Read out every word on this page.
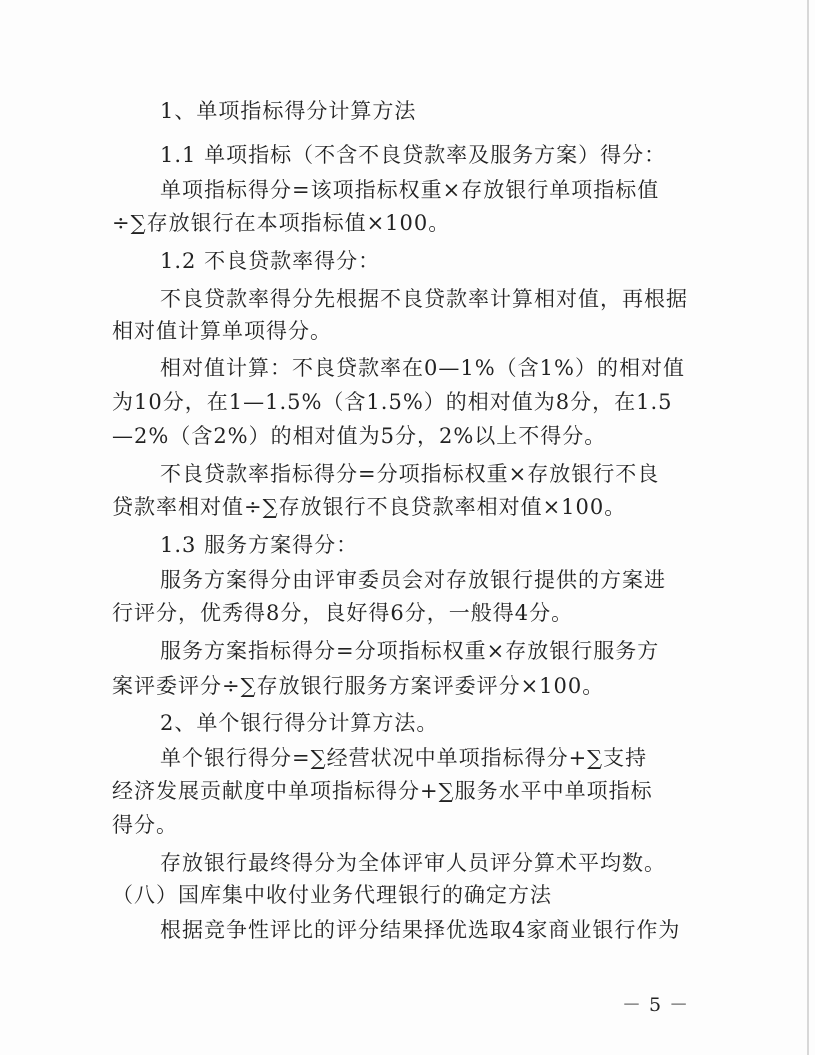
1、单项指标得分计算方法
1.1 单项指标（不含不良贷款率及服务方案）得分：
单项指标得分=该项指标权重×存放银行单项指标值
÷∑存放银行在本项指标值×100。
1.2 不良贷款率得分：
不良贷款率得分先根据不良贷款率计算相对值，再根据
相对值计算单项得分。
相对值计算：不良贷款率在0—1%（含1%）的相对值
为10分，在1—1.5%（含1.5%）的相对值为8分，在1.5
—2%（含2%）的相对值为5分，2%以上不得分。
不良贷款率指标得分=分项指标权重×存放银行不良
贷款率相对值÷∑存放银行不良贷款率相对值×100。
1.3 服务方案得分：
服务方案得分由评审委员会对存放银行提供的方案进
行评分，优秀得8分，良好得6分，一般得4分。
服务方案指标得分=分项指标权重×存放银行服务方
案评委评分÷∑存放银行服务方案评委评分×100。
2、单个银行得分计算方法。
单个银行得分=∑经营状况中单项指标得分+∑支持
经济发展贡献度中单项指标得分+∑服务水平中单项指标
得分。
存放银行最终得分为全体评审人员评分算术平均数。
（八）国库集中收付业务代理银行的确定方法
根据竞争性评比的评分结果择优选取4家商业银行作为
－ 5 －
